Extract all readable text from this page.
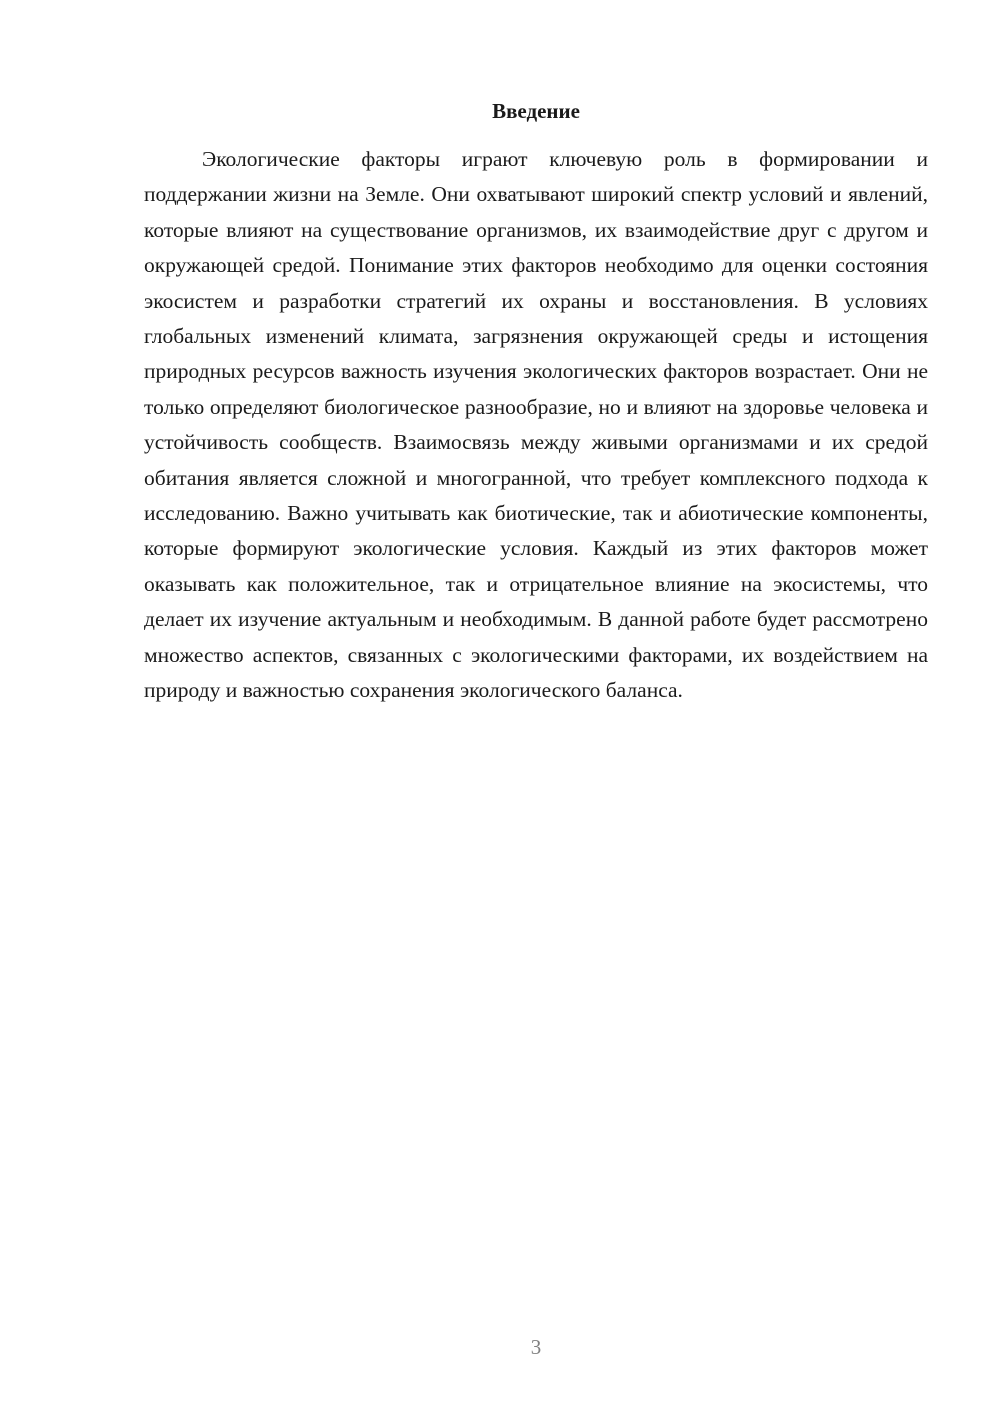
Введение

Экологические факторы играют ключевую роль в формировании и поддержании жизни на Земле. Они охватывают широкий спектр условий и явлений, которые влияют на существование организмов, их взаимодействие друг с другом и окружающей средой. Понимание этих факторов необходимо для оценки состояния экосистем и разработки стратегий их охраны и восстановления. В условиях глобальных изменений климата, загрязнения окружающей среды и истощения природных ресурсов важность изучения экологических факторов возрастает. Они не только определяют биологическое разнообразие, но и влияют на здоровье человека и устойчивость сообществ. Взаимосвязь между живыми организмами и их средой обитания является сложной и многогранной, что требует комплексного подхода к исследованию. Важно учитывать как биотические, так и абиотические компоненты, которые формируют экологические условия. Каждый из этих факторов может оказывать как положительное, так и отрицательное влияние на экосистемы, что делает их изучение актуальным и необходимым. В данной работе будет рассмотрено множество аспектов, связанных с экологическими факторами, их воздействием на природу и важностью сохранения экологического баланса.

3
